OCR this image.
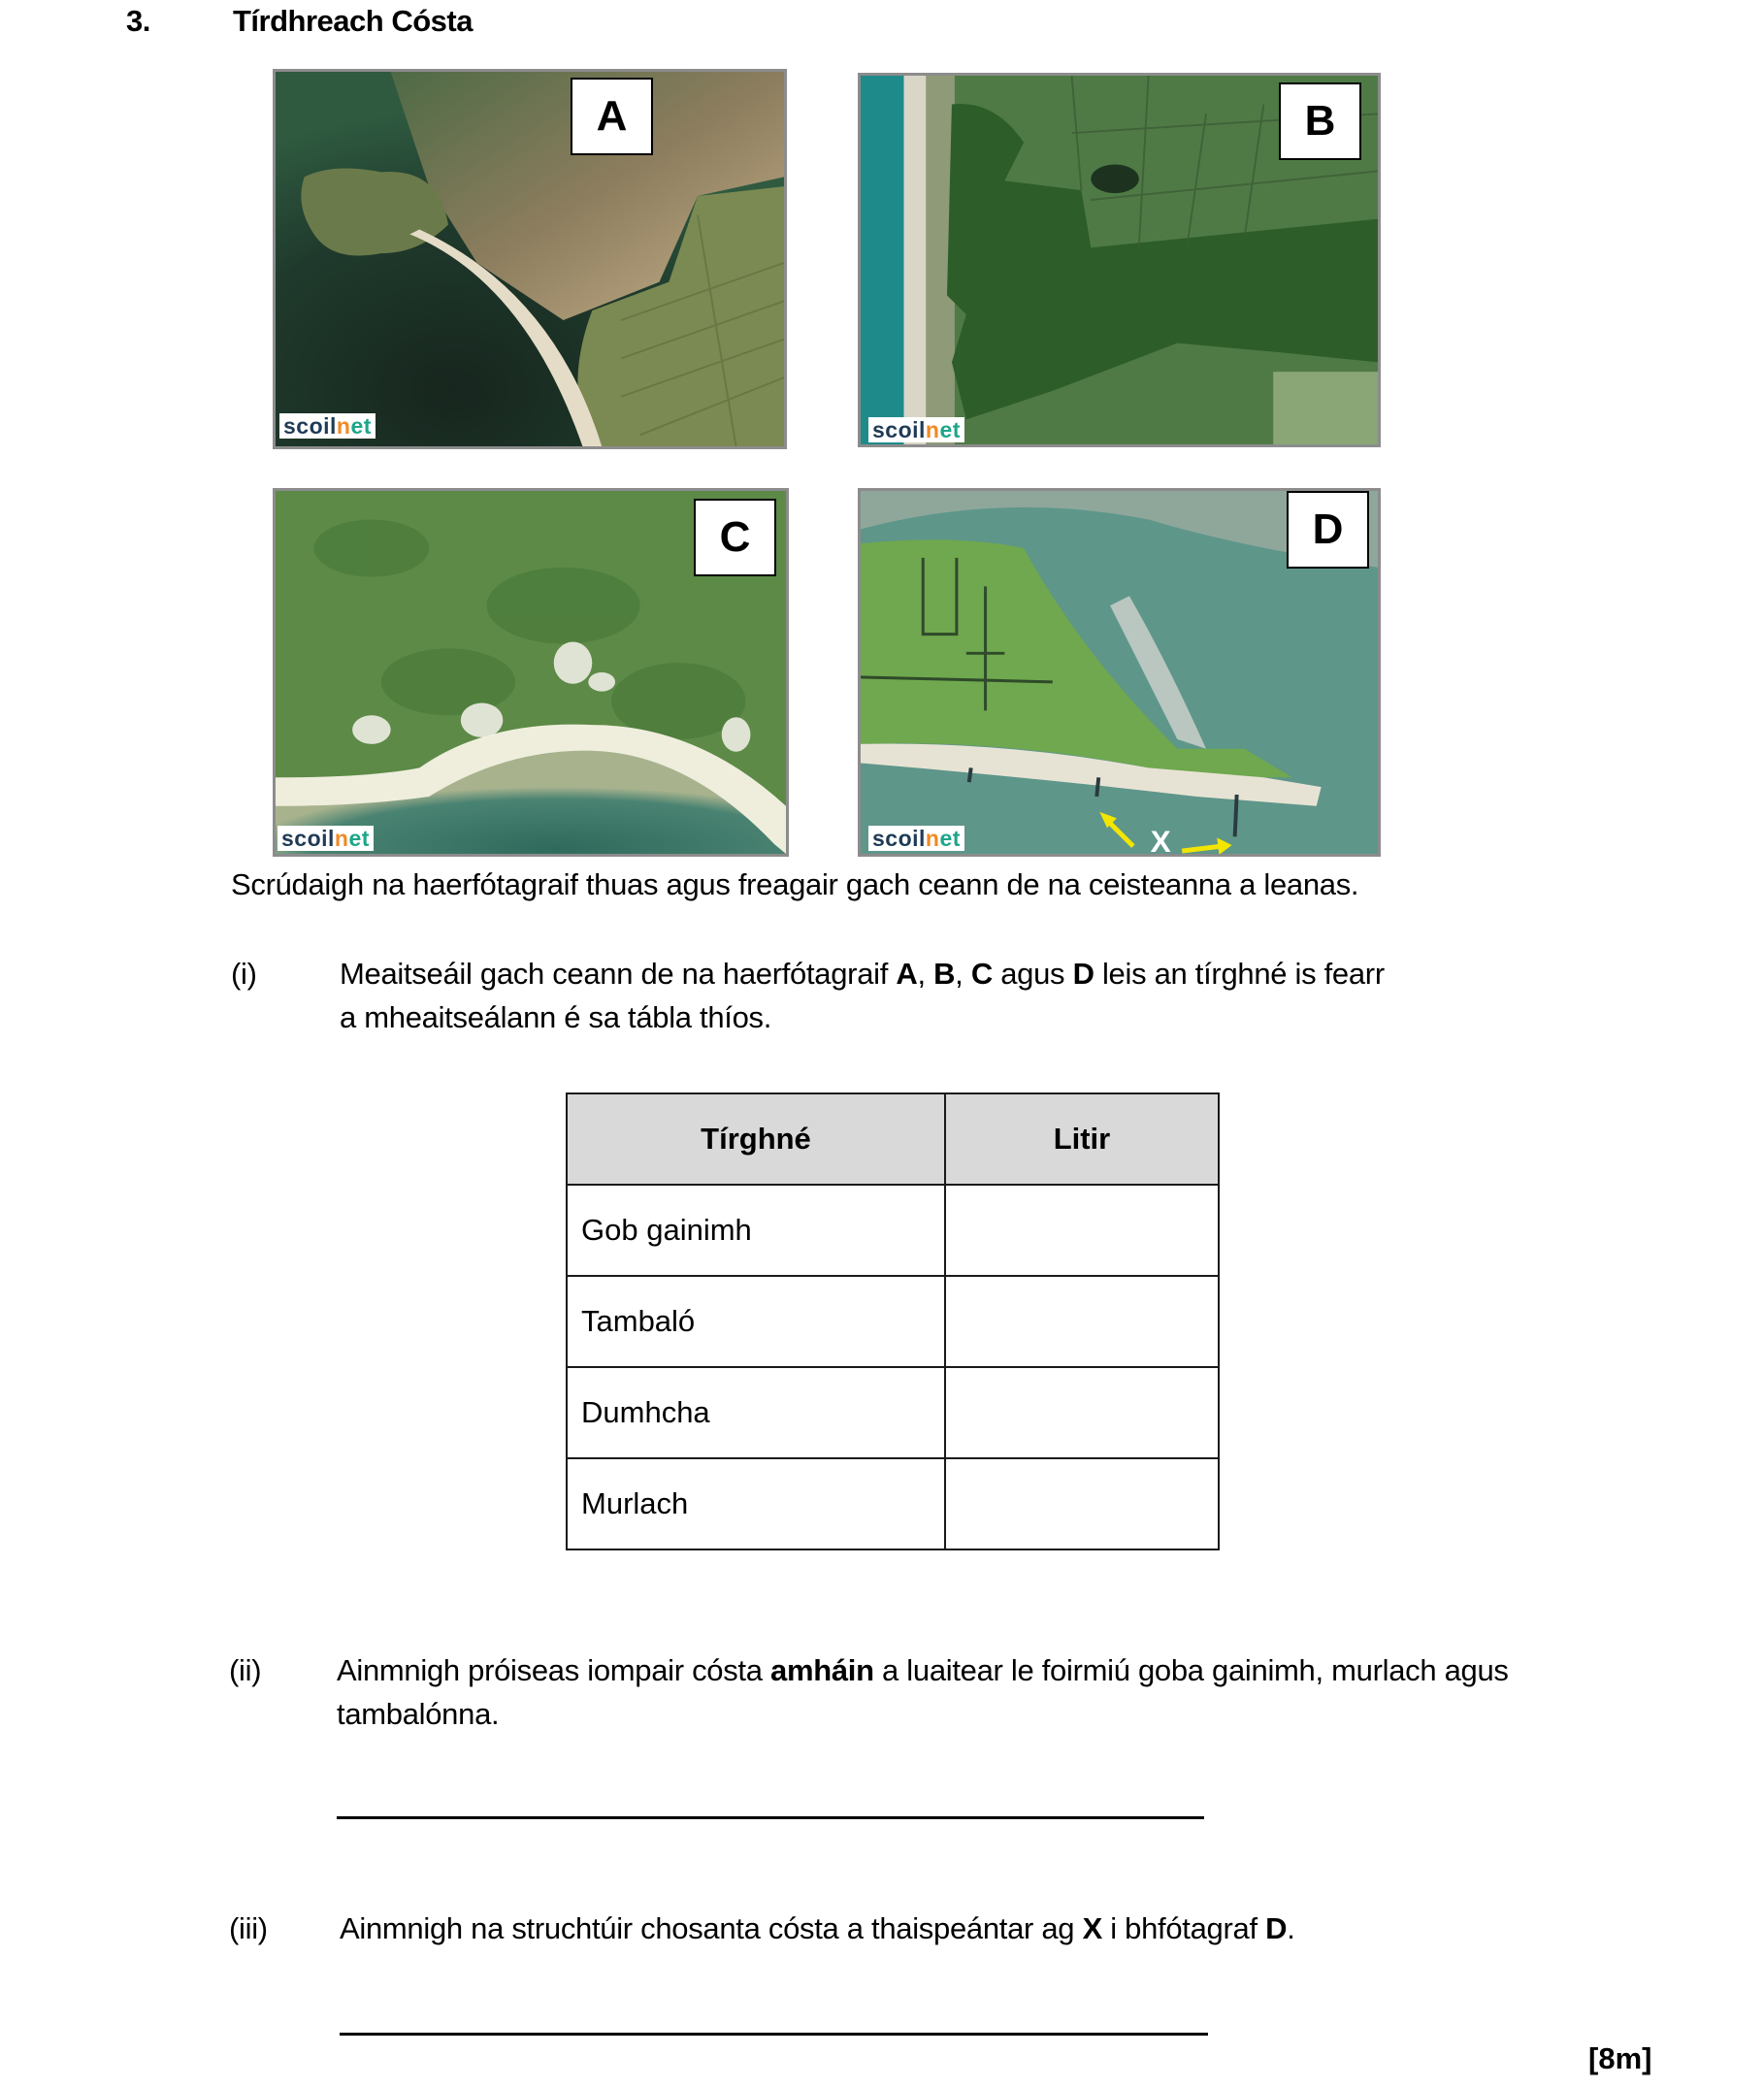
3.	Tírdhreach Cósta
A
scoilnet
B
scoilnet
C
scoilnet	X
D
scoilnet
Scrúdaigh na haerfótagraif thuas agus freagair gach ceann de na ceisteanna a leanas.
(i)	Meaitseáil gach ceann de na haerfótagraif A, B, C agus D leis an tírghné is fearr
a mheaitseálann é sa tábla thíos.
Tírghné	Litir
Gob gainimh	
Tambaló	
Dumhcha	
Murlach	
(ii)	Ainmnigh próiseas iompair cósta amháin a luaitear le foirmiú goba gainimh, murlach agus
tambalónna.
(iii) Ainmnigh na struchtúir chosanta cósta a thaispeántar ag X i bhfótagraf D.
[8m]
